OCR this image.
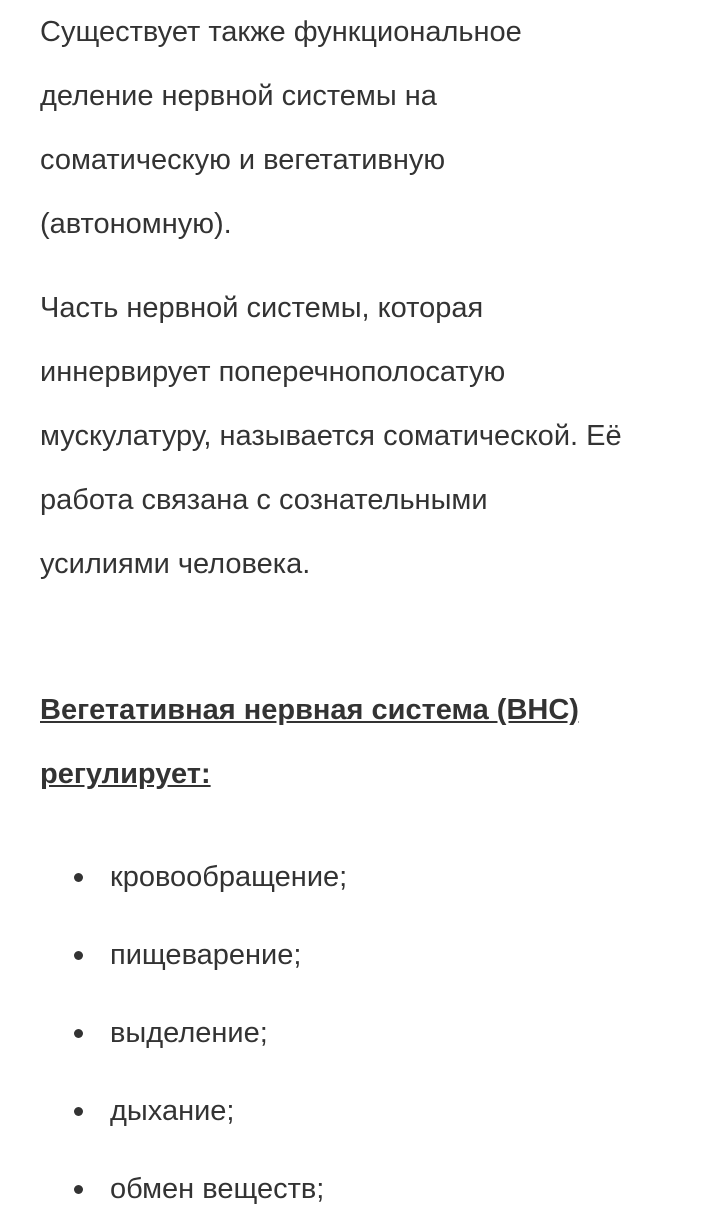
Существует также функциональное
деление нервной системы на
соматическую и вегетативную
(автономную).

Часть нервной системы, которая
иннервирует поперечнополосатую
мускулатуру, называется соматической. Её
работа связана с сознательными
усилиями человека.

Вегетативная нервная система (ВНС)
регулирует:

кровообращение;
пищеварение;
выделение;
дыхание;
обмен веществ;
